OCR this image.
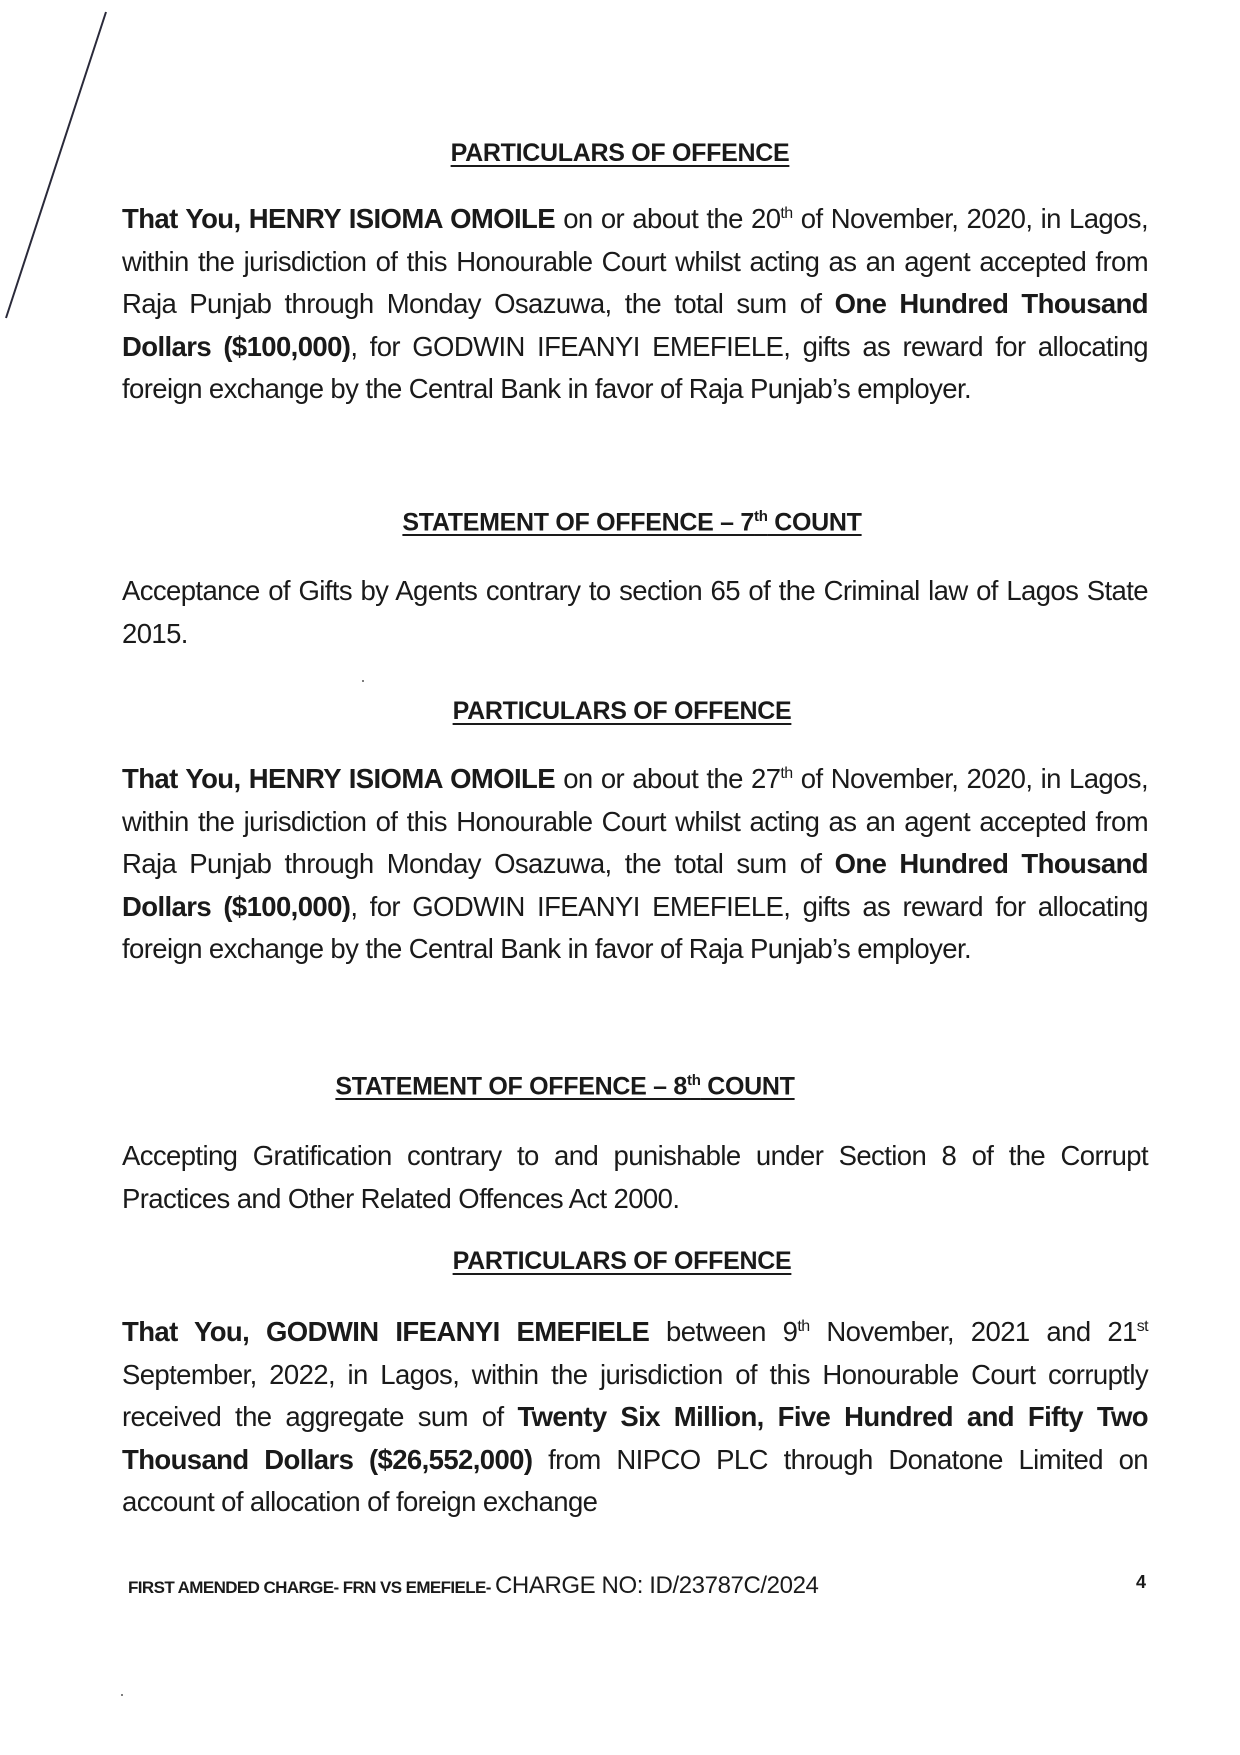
PARTICULARS OF OFFENCE
That You, HENRY ISIOMA OMOILE on or about the 20th of November, 2020, in Lagos, within the jurisdiction of this Honourable Court whilst acting as an agent accepted from Raja Punjab through Monday Osazuwa, the total sum of One Hundred Thousand Dollars ($100,000), for GODWIN IFEANYI EMEFIELE, gifts as reward for allocating foreign exchange by the Central Bank in favor of Raja Punjab’s employer.
STATEMENT OF OFFENCE – 7th COUNT
Acceptance of Gifts by Agents contrary to section 65 of the Criminal law of Lagos State 2015.
PARTICULARS OF OFFENCE
That You, HENRY ISIOMA OMOILE on or about the 27th of November, 2020, in Lagos, within the jurisdiction of this Honourable Court whilst acting as an agent accepted from Raja Punjab through Monday Osazuwa, the total sum of One Hundred Thousand Dollars ($100,000), for GODWIN IFEANYI EMEFIELE, gifts as reward for allocating foreign exchange by the Central Bank in favor of Raja Punjab’s employer.
STATEMENT OF OFFENCE – 8th COUNT
Accepting Gratification contrary to and punishable under Section 8 of the Corrupt Practices and Other Related Offences Act 2000.
PARTICULARS OF OFFENCE
That You, GODWIN IFEANYI EMEFIELE between 9th November, 2021 and 21st September, 2022, in Lagos, within the jurisdiction of this Honourable Court corruptly received the aggregate sum of Twenty Six Million, Five Hundred and Fifty Two Thousand Dollars ($26,552,000) from NIPCO PLC through Donatone Limited on account of allocation of foreign exchange
FIRST AMENDED CHARGE- FRN VS EMEFIELE- CHARGE NO: ID/23787C/2024	4
